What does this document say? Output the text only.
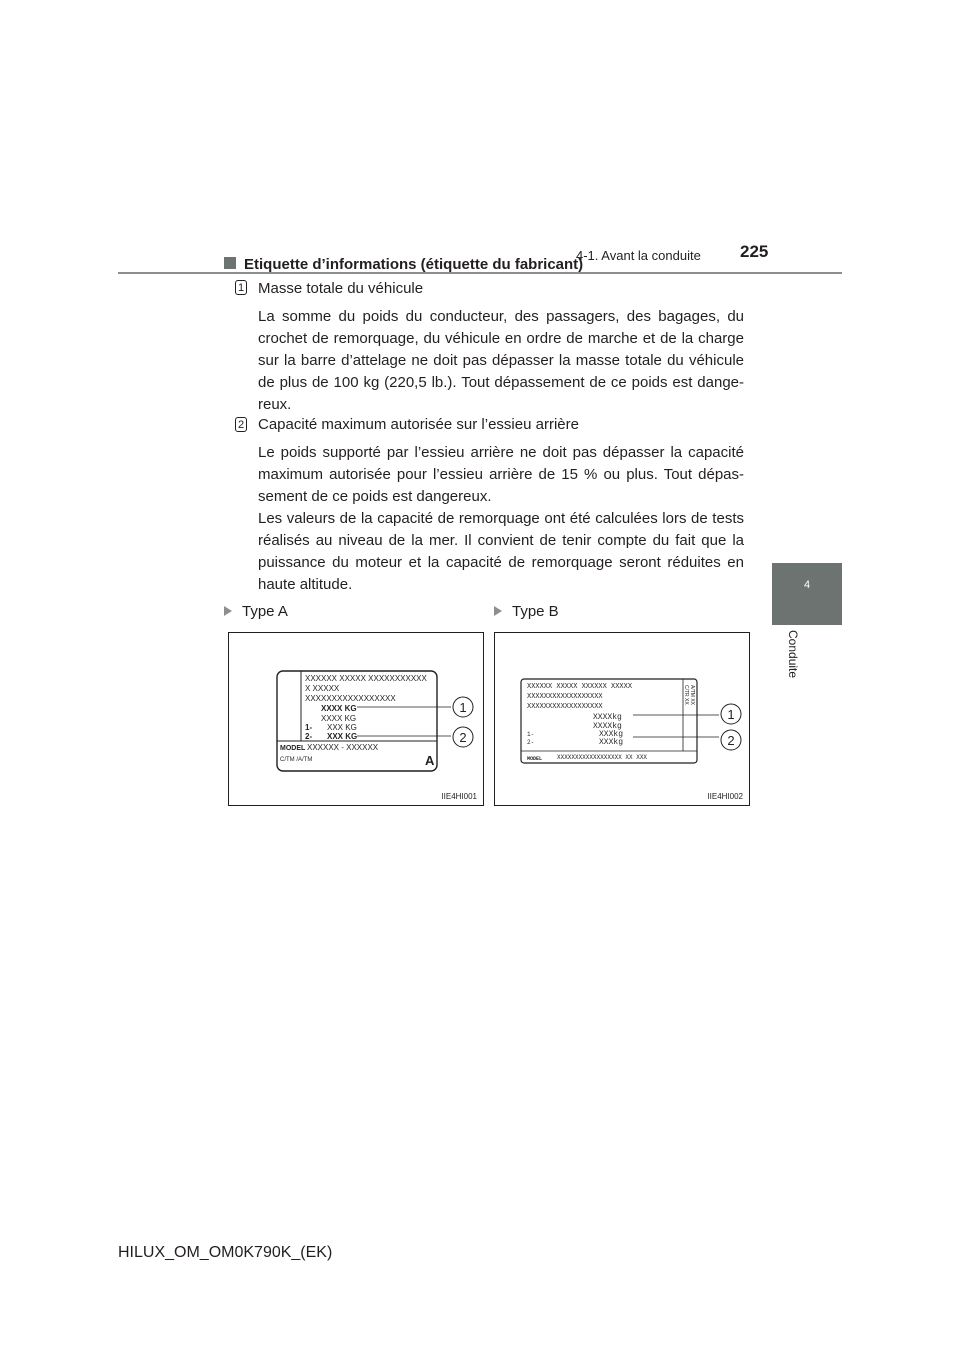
4-1. Avant la conduite 225
4
Conduite
Etiquette d’informations (étiquette du fabricant)
1 Masse totale du véhicule

La somme du poids du conducteur, des passagers, des bagages, du crochet de remorquage, du véhicule en ordre de marche et de la charge sur la barre d’attelage ne doit pas dépasser la masse totale du véhicule de plus de 100 kg (220,5 lb.). Tout dépassement de ce poids est dange-reux.

2 Capacité maximum autorisée sur l’essieu arrière

Le poids supporté par l’essieu arrière ne doit pas dépasser la capacité maximum autorisée pour l’essieu arrière de 15 % ou plus. Tout dépas-sement de ce poids est dangereux.

Les valeurs de la capacité de remorquage ont été calculées lors de tests réalisés au niveau de la mer. Il convient de tenir compte du fait que la puissance du moteur et la capacité de remorquage seront réduites en haute altitude.

Type A	Type B
XXXXXX XXXXX XXXXXXXXXXX
X XXXXX
XXXXXXXXXXXXXXXXX
XXXX KG
XXXX KG
1- XXX KG
2- XXX KG
MODEL XXXXXX - XXXXXX
C/TM /A/TM	A
1
2
IIE4HI001
XXXXXX XXXXX XXXXXX XXXXX
XXXXXXXXXXXXXXXXXX
XXXXXXXXXXXXXXXXXX
XXXXkg
XXXXkg
1-	XXXkg
2-	XXXkg
MODEL XXXXXXXXXXXXXXXXXX XX XXX
C/TR XX A/TM XX
1
2
IIE4HI002
HILUX_OM_OM0K790K_(EK)
